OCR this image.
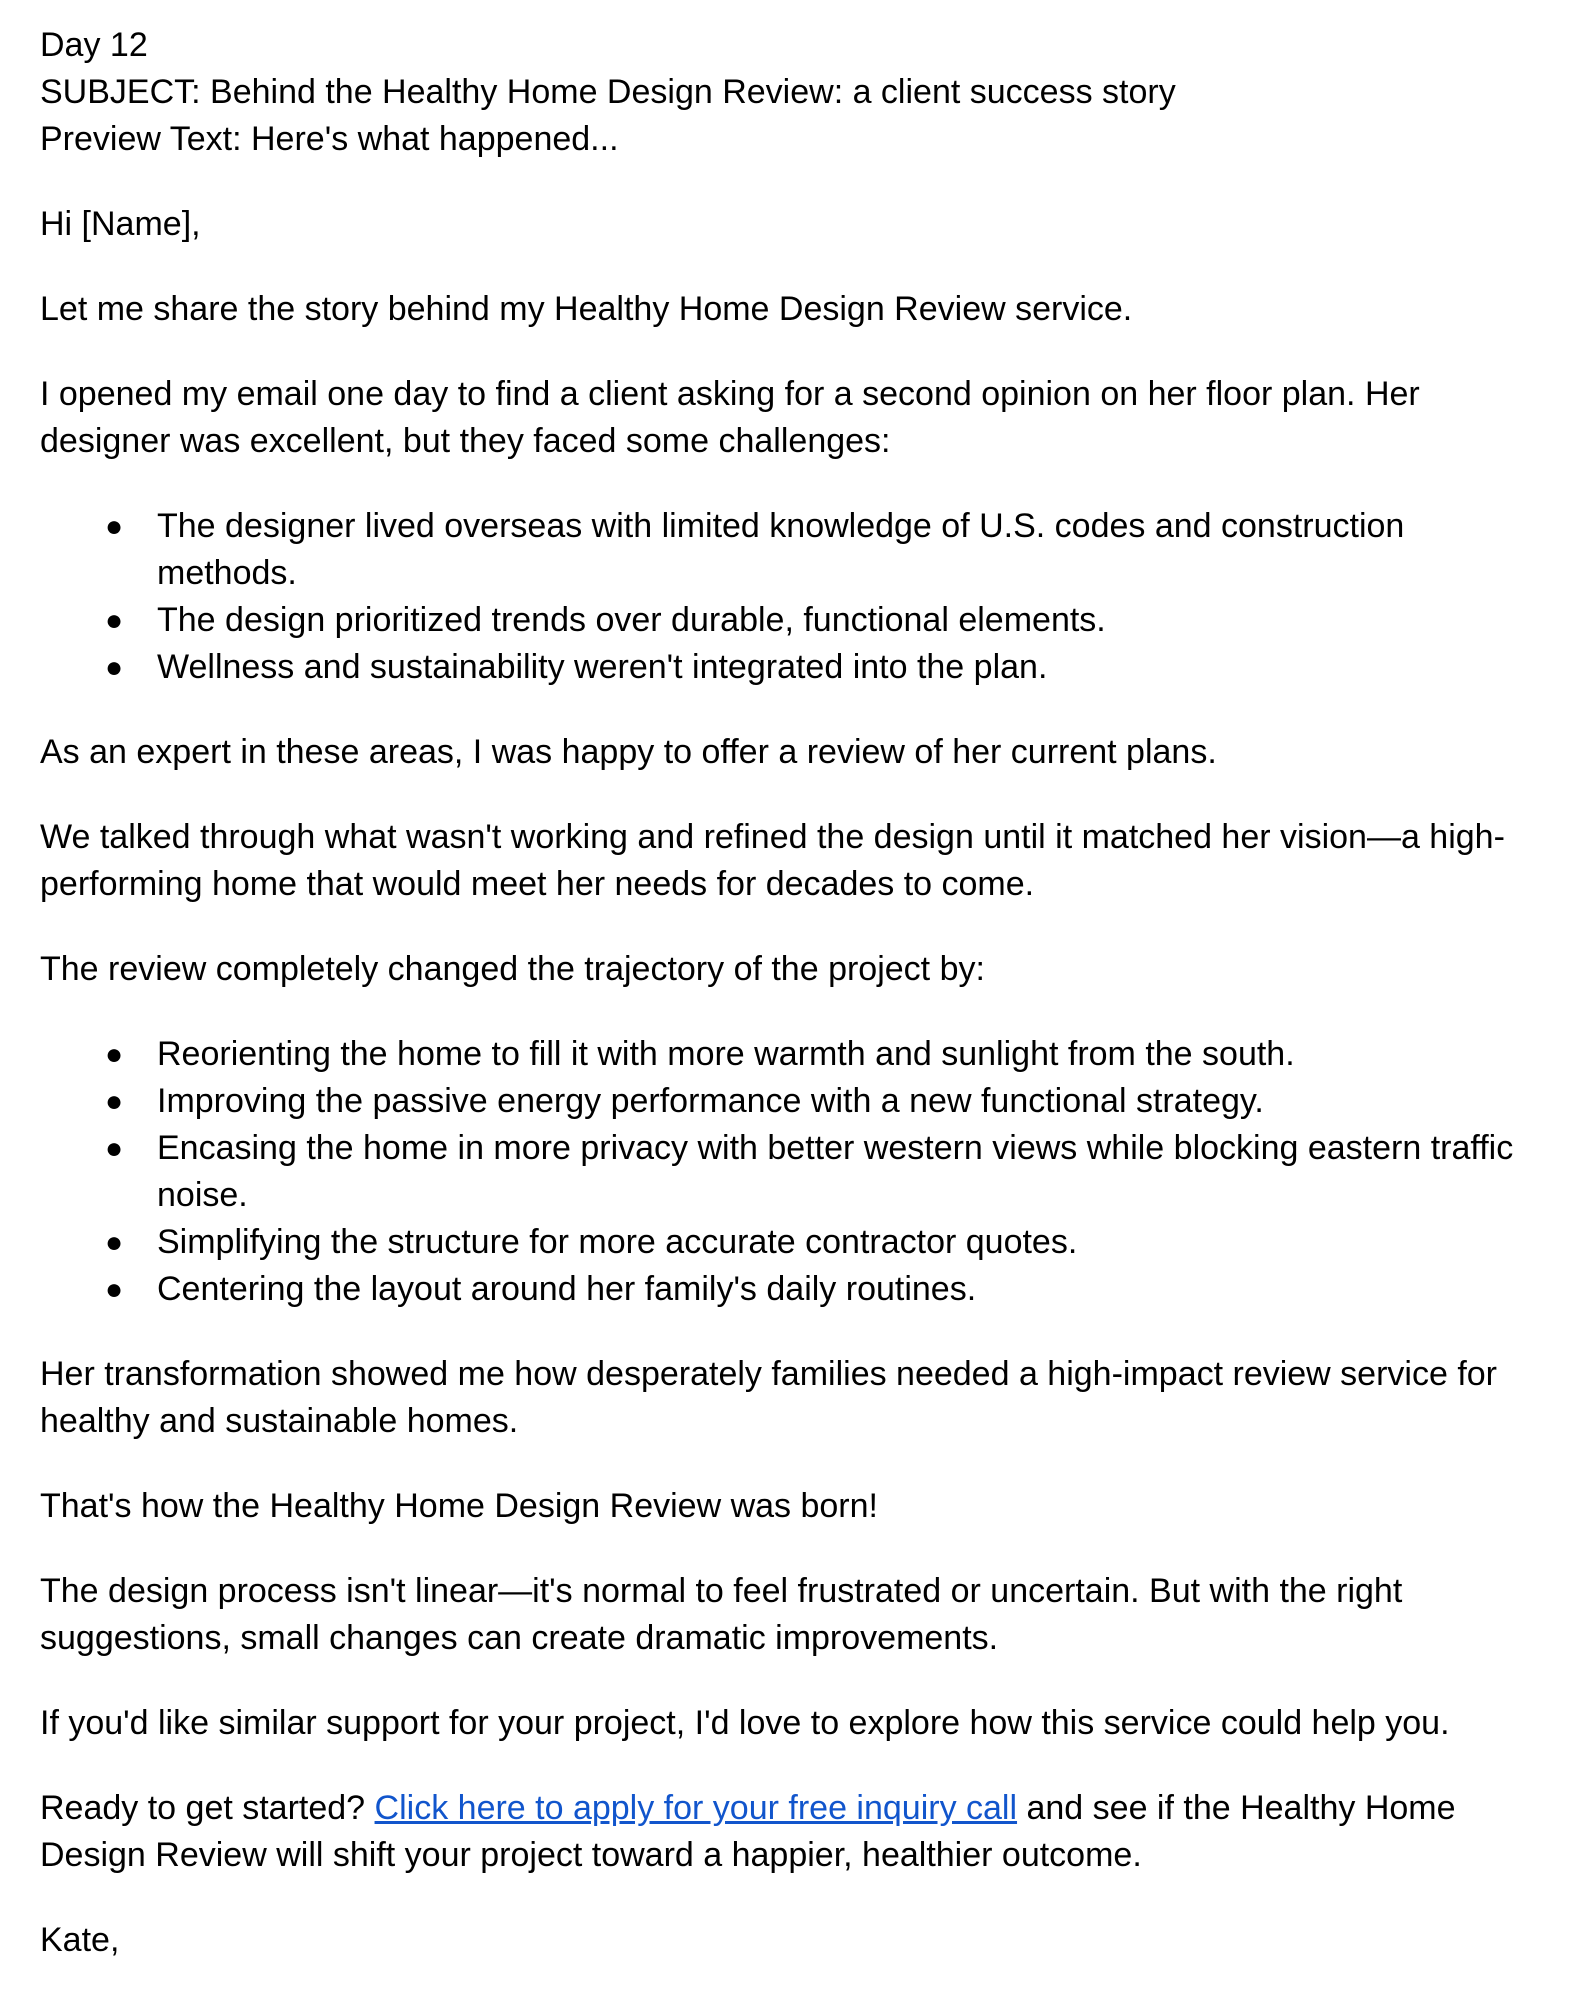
Day 12
SUBJECT: Behind the Healthy Home Design Review: a client success story
Preview Text: Here's what happened...

Hi [Name],

Let me share the story behind my Healthy Home Design Review service.

I opened my email one day to find a client asking for a second opinion on her floor plan. Her designer was excellent, but they faced some challenges:

● The designer lived overseas with limited knowledge of U.S. codes and construction methods.
● The design prioritized trends over durable, functional elements.
● Wellness and sustainability weren't integrated into the plan.

As an expert in these areas, I was happy to offer a review of her current plans.

We talked through what wasn't working and refined the design until it matched her vision—a high-performing home that would meet her needs for decades to come.

The review completely changed the trajectory of the project by:

● Reorienting the home to fill it with more warmth and sunlight from the south.
● Improving the passive energy performance with a new functional strategy.
● Encasing the home in more privacy with better western views while blocking eastern traffic noise.
● Simplifying the structure for more accurate contractor quotes.
● Centering the layout around her family's daily routines.

Her transformation showed me how desperately families needed a high-impact review service for healthy and sustainable homes.

That's how the Healthy Home Design Review was born!

The design process isn't linear—it's normal to feel frustrated or uncertain. But with the right suggestions, small changes can create dramatic improvements.

If you'd like similar support for your project, I'd love to explore how this service could help you.

Ready to get started? Click here to apply for your free inquiry call and see if the Healthy Home Design Review will shift your project toward a happier, healthier outcome.

Kate,
